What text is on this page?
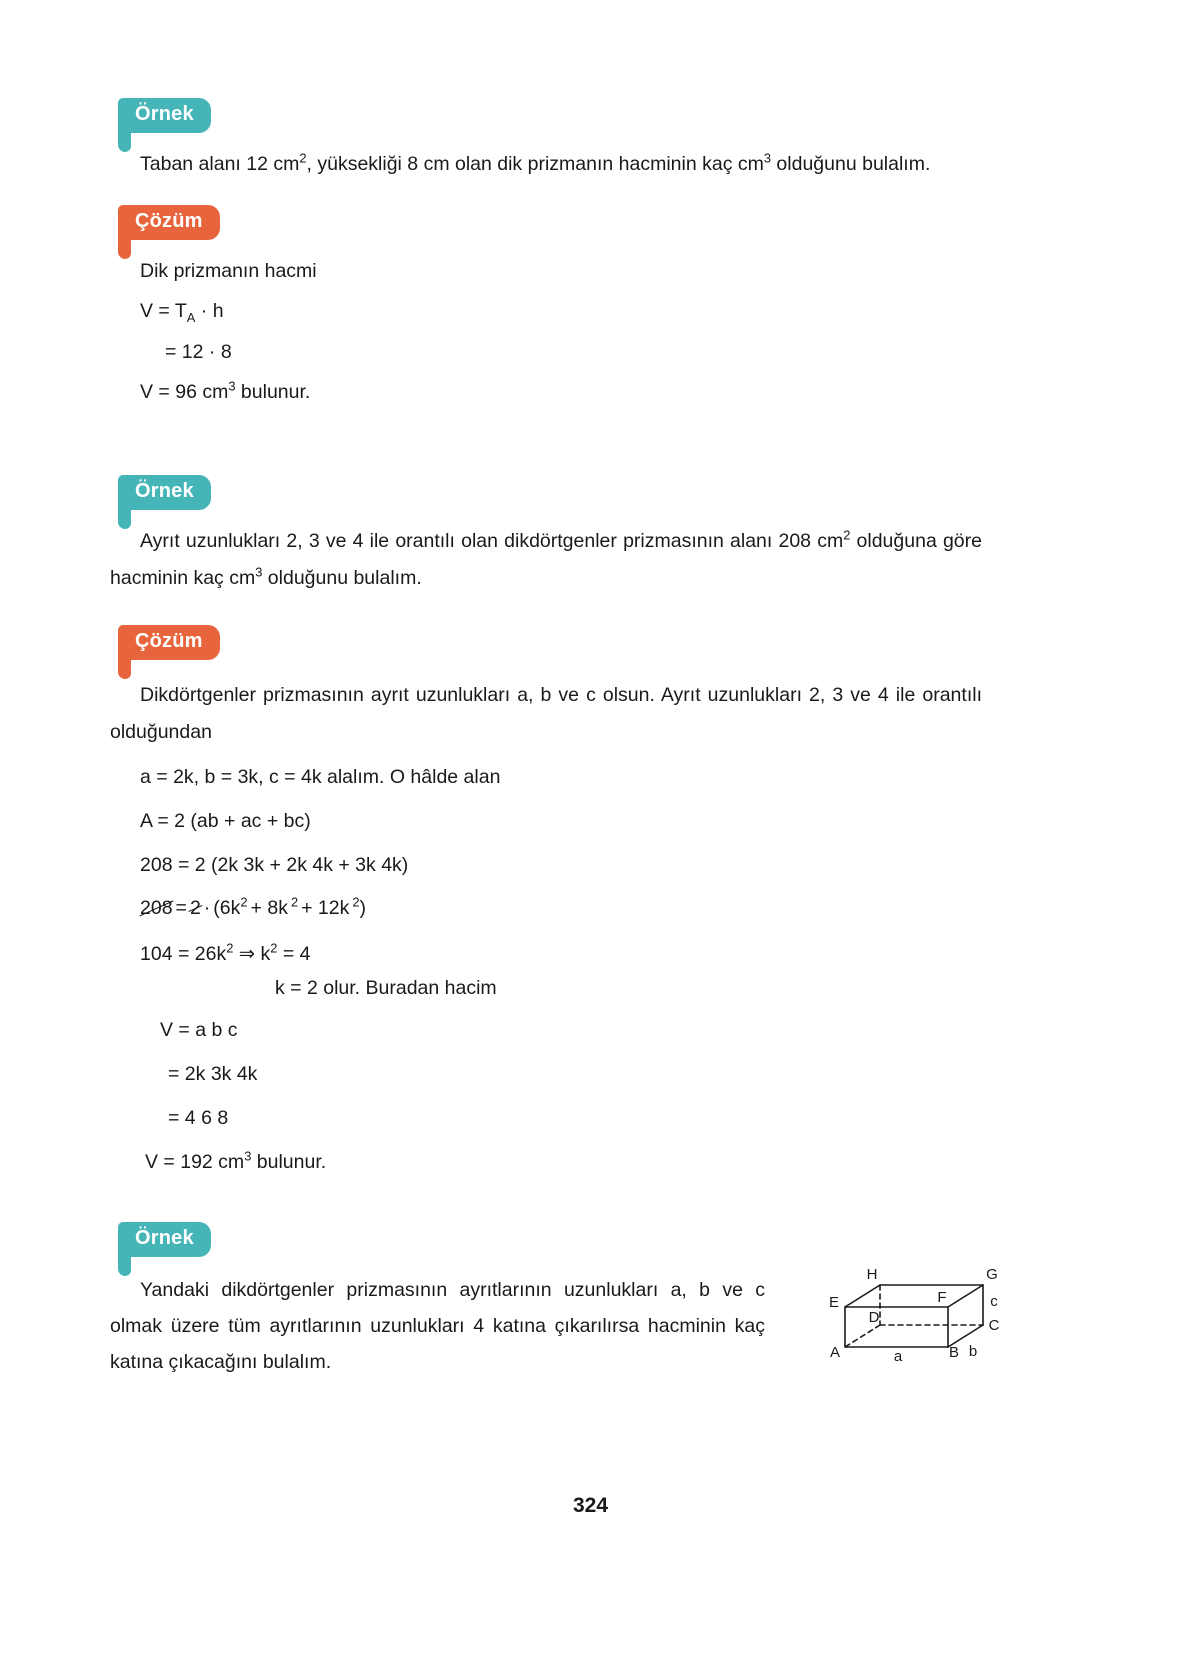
Örnek
Taban alanı 12 $cm^2$, yüksekliği 8 cm olan dik prizmanın hacminin kaç $cm^3$ olduğunu bulalım.
Çözüm
Dik prizmanın hacmi
$V = T_A \cdot h$
= 12 · 8
V = 96 $cm^3$ bulunur.
Örnek
Ayrıt uzunlukları 2, 3 ve 4 ile orantılı olan dikdörtgenler prizmasının alanı 208 $cm^2$ olduğuna göre hacminin kaç $cm^3$ olduğunu bulalım.
Çözüm
Dikdörtgenler prizmasının ayrıt uzunlukları a, b ve c olsun. Ayrıt uzunlukları 2, 3 ve 4 ile orantılı olduğundan
a = 2k, b = 3k, c = 4k alalım. O hâlde alan
A = 2 (ab + ac + bc)
208 = 2 (2k 3k + 2k 4k + 3k 4k)
$208 = 2 \cdot (6k^2 + 8k$ $^2$ + 12k $^2$)
$104 = 26k^2$ ⇒ $k^2 = 4$
k = 2 olur. Buradan hacim
V = a b c
= 2k 3k 4k
= 4 6 8
V = 192 $cm^3$ bulunur.
Örnek
Yandaki dikdörtgenler prizmasının ayrıtlarının uzunlukları a, b ve c olmak üzere tüm ayrıtlarının uzunlukları 4 katına çıkarılırsa hacminin kaç katına çıkacağını bulalım.
H	G
E	F
D	C
A	B
a	b
c
324
